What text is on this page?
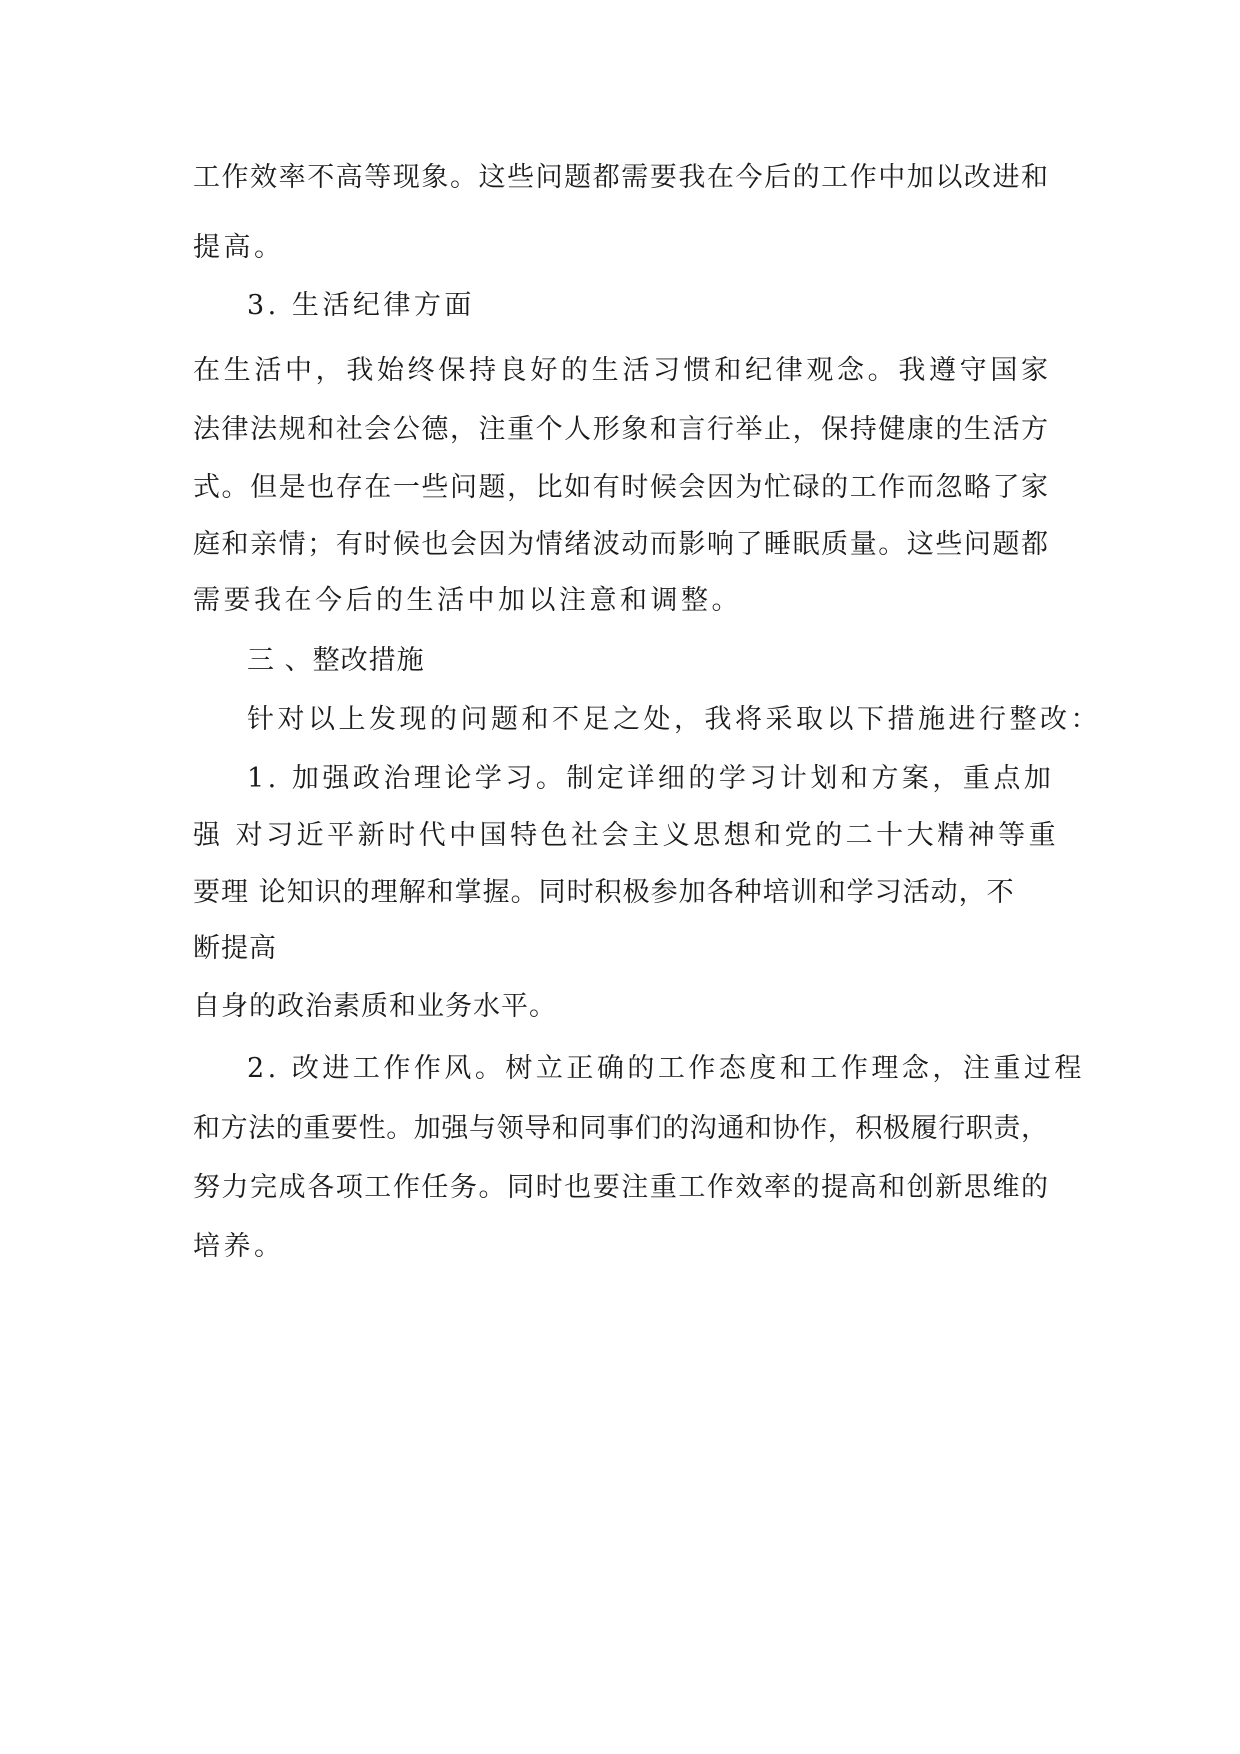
工作效率不高等现象。这些问题都需要我在今后的工作中加以改进和
提高。
3. 生活纪律方面
在生活中，我始终保持良好的生活习惯和纪律观念。我遵守国家
法律法规和社会公德，注重个人形象和言行举止，保持健康的生活方
式。但是也存在一些问题，比如有时候会因为忙碌的工作而忽略了家
庭和亲情；有时候也会因为情绪波动而影响了睡眠质量。这些问题都
需要我在今后的生活中加以注意和调整。
三 、整改措施
针对以上发现的问题和不足之处，我将采取以下措施进行整改：
1. 加强政治理论学习。制定详细的学习计划和方案，重点加
强 对习近平新时代中国特色社会主义思想和党的二十大精神等重
要理 论知识的理解和掌握。同时积极参加各种培训和学习活动，不
断提高
自身的政治素质和业务水平。
2. 改进工作作风。树立正确的工作态度和工作理念，注重过程
和方法的重要性。加强与领导和同事们的沟通和协作，积极履行职责，
努力完成各项工作任务。同时也要注重工作效率的提高和创新思维的
培养。
